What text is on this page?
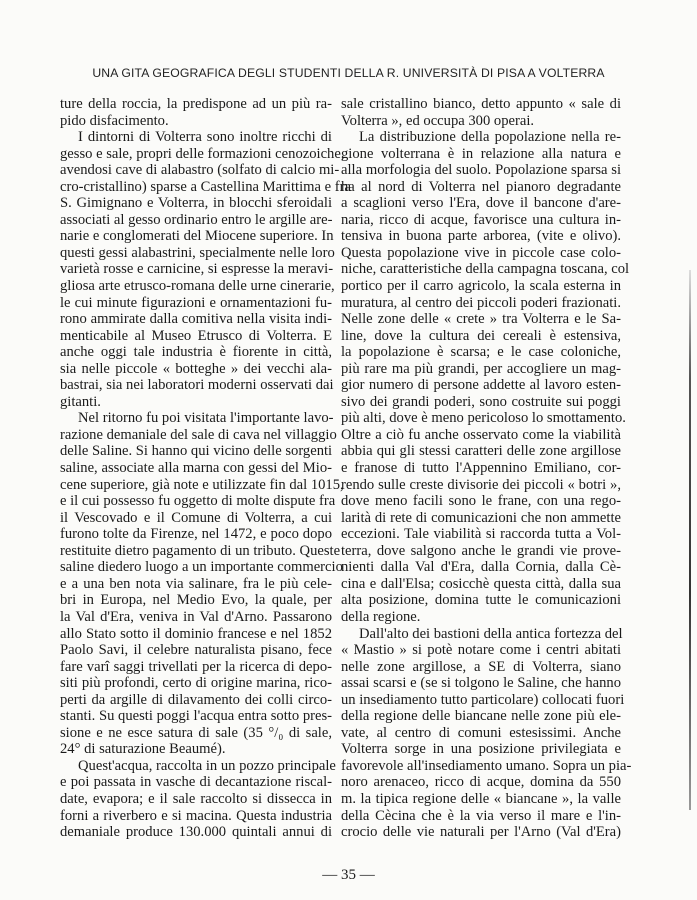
UNA GITA GEOGRAFICA DEGLI STUDENTI DELLA R. UNIVERSITÀ DI PISA A VOLTERRA
ture della roccia, la predispone ad un più ra-
pido disfacimento.
I dintorni di Volterra sono inoltre ricchi di
gesso e sale, propri delle formazioni cenozoiche,
avendosi cave di alabastro (solfato di calcio mi-
cro-cristallino) sparse a Castellina Marittima e fra
S. Gimignano e Volterra, in blocchi sferoidali
associati al gesso ordinario entro le argille are-
narie e conglomerati del Miocene superiore. In
questi gessi alabastrini, specialmente nelle loro
varietà rosse e carnicine, si espresse la meravi-
gliosa arte etrusco-romana delle urne cinerarie,
le cui minute figurazioni e ornamentazioni fu-
rono ammirate dalla comitiva nella visita indi-
menticabile al Museo Etrusco di Volterra. E
anche oggi tale industria è fiorente in città,
sia nelle piccole « botteghe » dei vecchi ala-
bastrai, sia nei laboratori moderni osservati dai
gitanti.
Nel ritorno fu poi visitata l'importante lavo-
razione demaniale del sale di cava nel villaggio
delle Saline. Si hanno qui vicino delle sorgenti
saline, associate alla marna con gessi del Mio-
cene superiore, già note e utilizzate fin dal 1015,
e il cui possesso fu oggetto di molte dispute fra
il Vescovado e il Comune di Volterra, a cui
furono tolte da Firenze, nel 1472, e poco dopo
restituite dietro pagamento di un tributo. Queste
saline diedero luogo a un importante commercio
e a una ben nota via salinare, fra le più cele-
bri in Europa, nel Medio Evo, la quale, per
la Val d'Era, veniva in Val d'Arno. Passarono
allo Stato sotto il dominio francese e nel 1852
Paolo Savi, il celebre naturalista pisano, fece
fare varî saggi trivellati per la ricerca di depo-
siti più profondi, certo di origine marina, rico-
perti da argille di dilavamento dei colli circo-
stanti. Su questi poggi l'acqua entra sotto pres-
sione e ne esce satura di sale (35 °/₀ di sale,
24° di saturazione Beaumé).
Quest'acqua, raccolta in un pozzo principale
e poi passata in vasche di decantazione riscal-
date, evapora; e il sale raccolto si dissecca in
forni a riverbero e si macina. Questa industria
demaniale produce 130.000 quintali annui di
sale cristallino bianco, detto appunto « sale di
Volterra », ed occupa 300 operai.
La distribuzione della popolazione nella re-
gione volterrana è in relazione alla natura e
alla morfologia del suolo. Popolazione sparsa si
ha al nord di Volterra nel pianoro degradante
a scaglioni verso l'Era, dove il bancone d'are-
naria, ricco di acque, favorisce una cultura in-
tensiva in buona parte arborea, (vite e olivo).
Questa popolazione vive in piccole case colo-
niche, caratteristiche della campagna toscana, col
portico per il carro agricolo, la scala esterna in
muratura, al centro dei piccoli poderi frazionati.
Nelle zone delle « crete » tra Volterra e le Sa-
line, dove la cultura dei cereali è estensiva,
la popolazione è scarsa; e le case coloniche,
più rare ma più grandi, per accogliere un mag-
gior numero di persone addette al lavoro esten-
sivo dei grandi poderi, sono costruite sui poggi
più alti, dove è meno pericoloso lo smottamento.
Oltre a ciò fu anche osservato come la viabilità
abbia qui gli stessi caratteri delle zone argillose
e franose di tutto l'Appennino Emiliano, cor-
rendo sulle creste divisorie dei piccoli « botri »,
dove meno facili sono le frane, con una rego-
larità di rete di comunicazioni che non ammette
eccezioni. Tale viabilità si raccorda tutta a Vol-
terra, dove salgono anche le grandi vie prove-
nienti dalla Val d'Era, dalla Cornia, dalla Cè-
cina e dall'Elsa; cosicchè questa città, dalla sua
alta posizione, domina tutte le comunicazioni
della regione.
Dall'alto dei bastioni della antica fortezza del
« Mastio » si potè notare come i centri abitati
nelle zone argillose, a SE di Volterra, siano
assai scarsi e (se si tolgono le Saline, che hanno
un insediamento tutto particolare) collocati fuori
della regione delle biancane nelle zone più ele-
vate, al centro di comuni estesissimi. Anche
Volterra sorge in una posizione privilegiata e
favorevole all'insediamento umano. Sopra un pia-
noro arenaceo, ricco di acque, domina da 550
m. la tipica regione delle « biancane », la valle
della Cècina che è la via verso il mare e l'in-
crocio delle vie naturali per l'Arno (Val d'Era)
— 35 —
